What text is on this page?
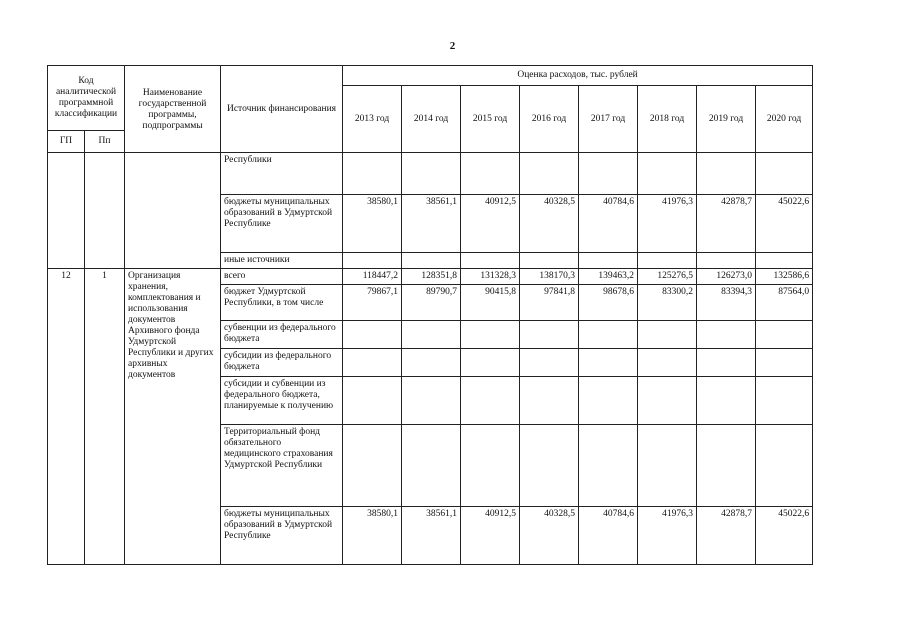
2
Код аналитической программной классификации		Наименование государственной программы, подпрограммы	Источник финансирования	Оценка расходов, тыс. рублей							
				2013 год	2014 год	2015 год	2016 год	2017 год	2018 год	2019 год	2020 год
ГП	Пп										
			Республики								
			бюджеты муниципальных образований в Удмуртской Республике	38580,1	38561,1	40912,5	40328,5	40784,6	41976,3	42878,7	45022,6
			иные источники								
12	1	Организация хранения, комплектования и использования документов Архивного фонда Удмуртской Республики и других архивных документов	всего	118447,2	128351,8	131328,3	138170,3	139463,2	125276,5	126273,0	132586,6
			бюджет Удмуртской Республики, в том числе	79867,1	89790,7	90415,8	97841,8	98678,6	83300,2	83394,3	87564,0
			субвенции из федерального бюджета								
			субсидии из федерального бюджета								
			субсидии и субвенции из федерального бюджета, планируемые к получению								
			Территориальный фонд обязательного медицинского страхования Удмуртской Республики								
			бюджеты муниципальных образований в Удмуртской Республике	38580,1	38561,1	40912,5	40328,5	40784,6	41976,3	42878,7	45022,6
